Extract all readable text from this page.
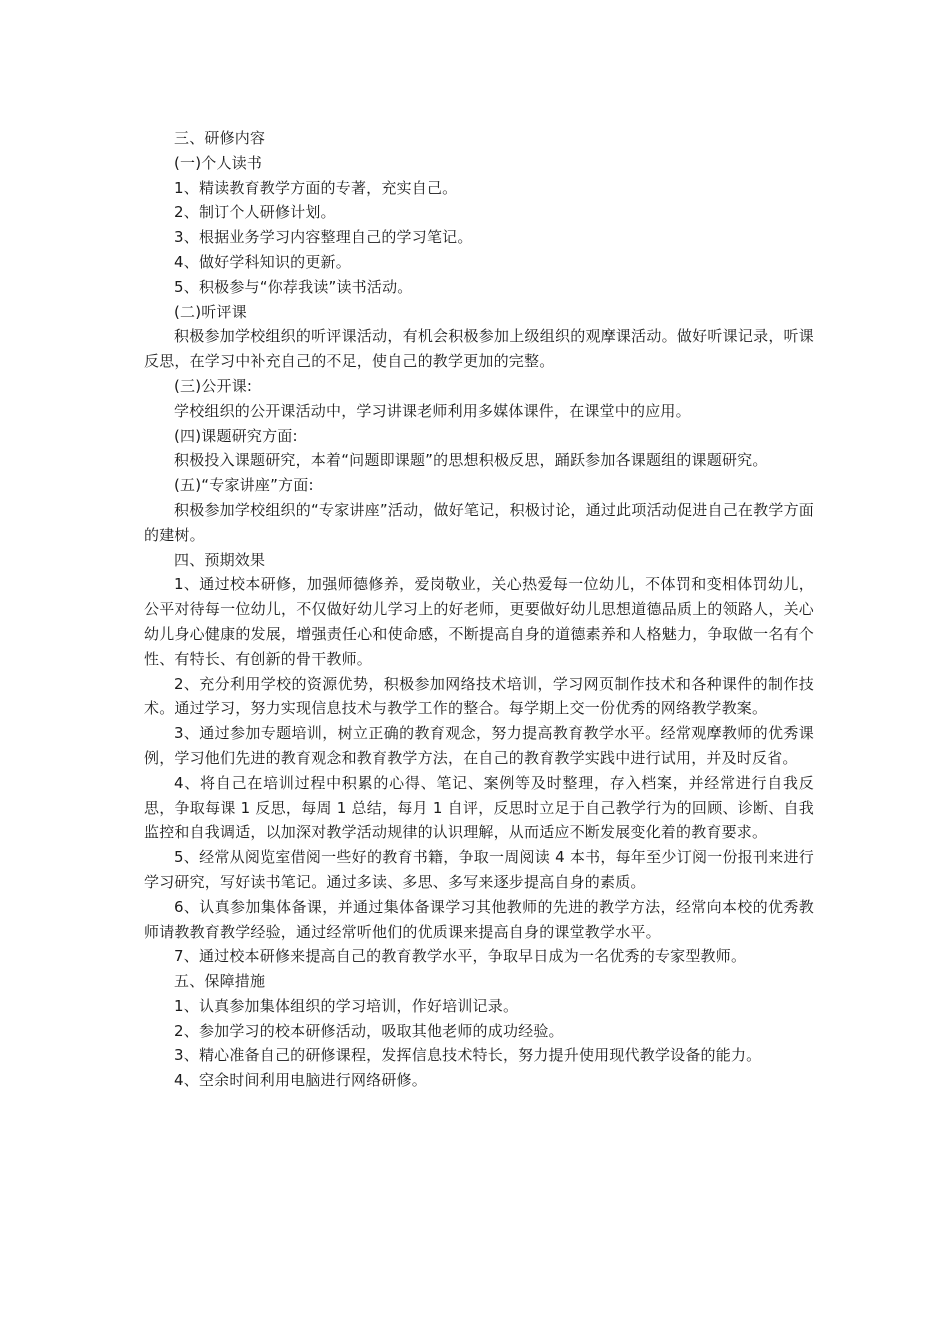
三、研修内容

(一)个人读书

1、精读教育教学方面的专著，充实自己。

2、制订个人研修计划。

3、根据业务学习内容整理自己的学习笔记。

4、做好学科知识的更新。

5、积极参与“你荐我读”读书活动。

(二)听评课

积极参加学校组织的听评课活动，有机会积极参加上级组织的观摩课活动。做好听课记录，听课反思，在学习中补充自己的不足，使自己的教学更加的完整。

(三)公开课:

学校组织的公开课活动中，学习讲课老师利用多媒体课件，在课堂中的应用。

(四)课题研究方面:

积极投入课题研究，本着“问题即课题”的思想积极反思，踊跃参加各课题组的课题研究。

(五)“专家讲座”方面:

积极参加学校组织的“专家讲座”活动，做好笔记，积极讨论，通过此项活动促进自己在教学方面的建树。

四、预期效果

1、通过校本研修，加强师德修养，爱岗敬业，关心热爱每一位幼儿，不体罚和变相体罚幼儿，公平对待每一位幼儿，不仅做好幼儿学习上的好老师，更要做好幼儿思想道德品质上的领路人，关心幼儿身心健康的发展，增强责任心和使命感，不断提高自身的道德素养和人格魅力，争取做一名有个性、有特长、有创新的骨干教师。

2、充分利用学校的资源优势，积极参加网络技术培训，学习网页制作技术和各种课件的制作技术。通过学习，努力实现信息技术与教学工作的整合。每学期上交一份优秀的网络教学教案。

3、通过参加专题培训，树立正确的教育观念，努力提高教育教学水平。经常观摩教师的优秀课例，学习他们先进的教育观念和教育教学方法，在自己的教育教学实践中进行试用，并及时反省。

4、将自己在培训过程中积累的心得、笔记、案例等及时整理，存入档案，并经常进行自我反思，争取每课 1 反思，每周 1 总结，每月 1 自评，反思时立足于自己教学行为的回顾、诊断、自我监控和自我调适，以加深对教学活动规律的认识理解，从而适应不断发展变化着的教育要求。

5、经常从阅览室借阅一些好的教育书籍，争取一周阅读 4 本书，每年至少订阅一份报刊来进行学习研究，写好读书笔记。通过多读、多思、多写来逐步提高自身的素质。

6、认真参加集体备课，并通过集体备课学习其他教师的先进的教学方法，经常向本校的优秀教师请教教育教学经验，通过经常听他们的优质课来提高自身的课堂教学水平。

7、通过校本研修来提高自己的教育教学水平，争取早日成为一名优秀的专家型教师。

五、保障措施

1、认真参加集体组织的学习培训，作好培训记录。

2、参加学习的校本研修活动，吸取其他老师的成功经验。

3、精心准备自己的研修课程，发挥信息技术特长，努力提升使用现代教学设备的能力。

4、空余时间利用电脑进行网络研修。
